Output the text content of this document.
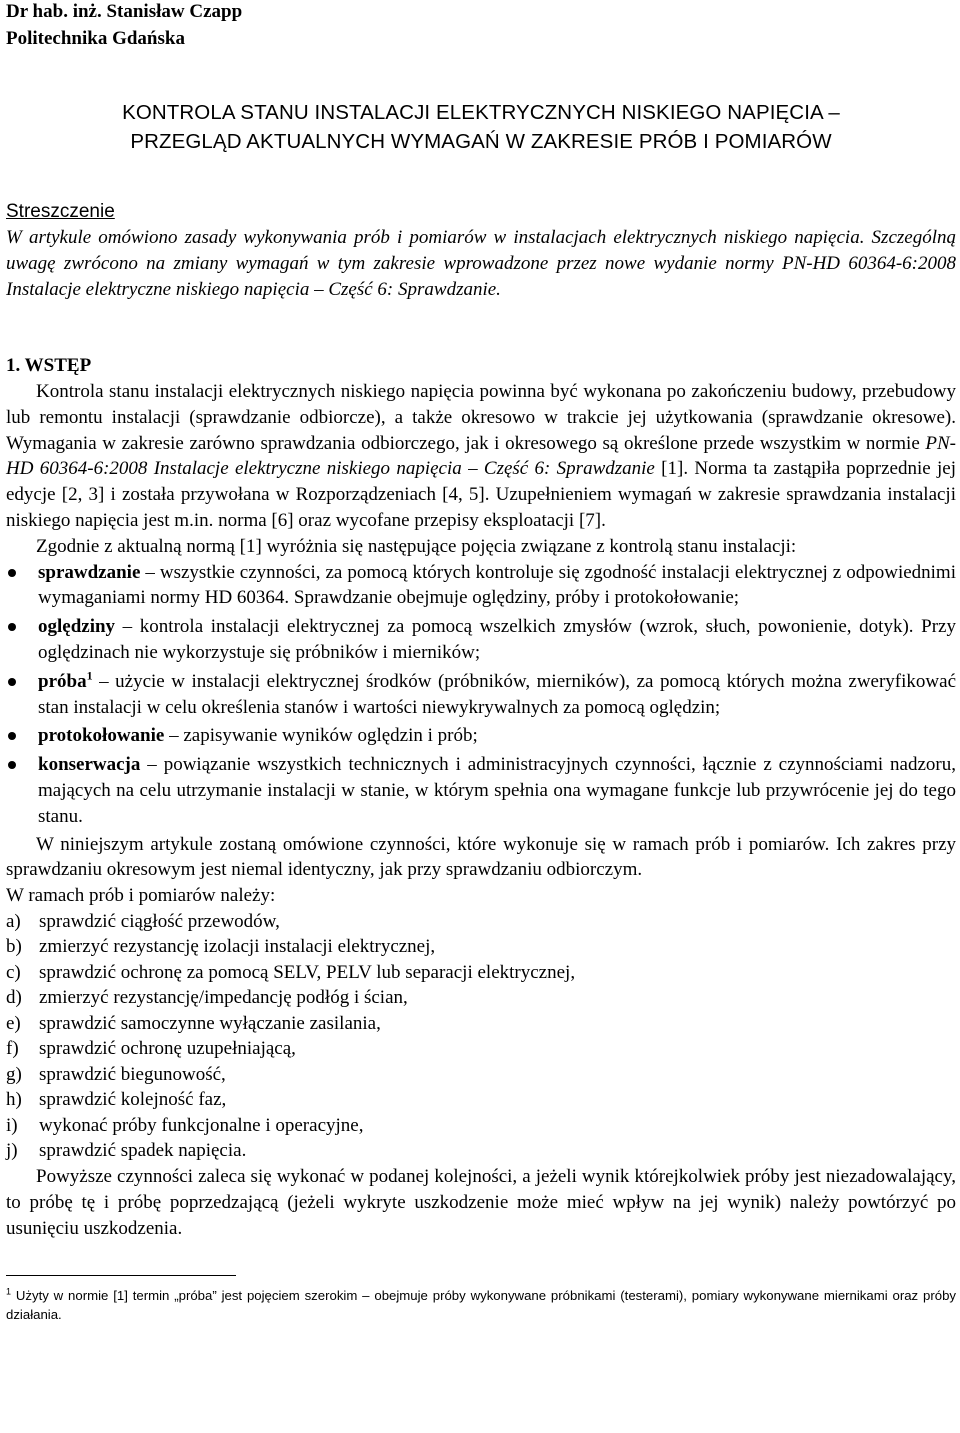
Dr hab. inż. Stanisław Czapp
Politechnika Gdańska
KONTROLA STANU INSTALACJI ELEKTRYCZNYCH NISKIEGO NAPIĘCIA –
PRZEGLĄD AKTUALNYCH WYMAGAŃ W ZAKRESIE PRÓB I POMIARÓW
Streszczenie

W artykule omówiono zasady wykonywania prób i pomiarów w instalacjach elektrycznych niskiego napięcia. Szczególną uwagę zwrócono na zmiany wymagań w tym zakresie wprowadzone przez nowe wydanie normy PN-HD 60364-6:2008 Instalacje elektryczne niskiego napięcia – Część 6: Sprawdzanie.

1. WSTĘP

Kontrola stanu instalacji elektrycznych niskiego napięcia powinna być wykonana po zakończeniu budowy, przebudowy lub remontu instalacji (sprawdzanie odbiorcze), a także okresowo w trakcie jej użytkowania (sprawdzanie okresowe). Wymagania w zakresie zarówno sprawdzania odbiorczego, jak i okresowego są określone przede wszystkim w normie PN-HD 60364-6:2008 Instalacje elektryczne niskiego napięcia – Część 6: Sprawdzanie [1]. Norma ta zastąpiła poprzednie jej edycje [2, 3] i została przywołana w Rozporządzeniach [4, 5]. Uzupełnieniem wymagań w zakresie sprawdzania instalacji niskiego napięcia jest m.in. norma [6] oraz wycofane przepisy eksploatacji [7].

Zgodnie z aktualną normą [1] wyróżnia się następujące pojęcia związane z kontrolą stanu instalacji:

sprawdzanie – wszystkie czynności, za pomocą których kontroluje się zgodność instalacji elektrycznej z odpowiednimi wymaganiami normy HD 60364. Sprawdzanie obejmuje oględziny, próby i protokołowanie;
oględziny – kontrola instalacji elektrycznej za pomocą wszelkich zmysłów (wzrok, słuch, powonienie, dotyk). Przy oględzinach nie wykorzystuje się próbników i mierników;
próba$^1$ – użycie w instalacji elektrycznej środków (próbników, mierników), za pomocą których można zweryfikować stan instalacji w celu określenia stanów i wartości niewykrywalnych za pomocą oględzin;
protokołowanie – zapisywanie wyników oględzin i prób;
konserwacja – powiązanie wszystkich technicznych i administracyjnych czynności, łącznie z czynnościami nadzoru, mających na celu utrzymanie instalacji w stanie, w którym spełnia ona wymagane funkcje lub przywrócenie jej do tego stanu.

W niniejszym artykule zostaną omówione czynności, które wykonuje się w ramach prób i pomiarów. Ich zakres przy sprawdzaniu okresowym jest niemal identyczny, jak przy sprawdzaniu odbiorczym.

W ramach prób i pomiarów należy:

a) sprawdzić ciągłość przewodów,
b) zmierzyć rezystancję izolacji instalacji elektrycznej,
c) sprawdzić ochronę za pomocą SELV, PELV lub separacji elektrycznej,
d) zmierzyć rezystancję/impedancję podłóg i ścian,
e) sprawdzić samoczynne wyłączanie zasilania,
f)	sprawdzić ochronę uzupełniającą,
g) sprawdzić biegunowość,
h) sprawdzić kolejność faz,
i)	wykonać próby funkcjonalne i operacyjne,
j)	sprawdzić spadek napięcia.

Powyższe czynności zaleca się wykonać w podanej kolejności, a jeżeli wynik którejkolwiek próby jest niezadowalający, to próbę tę i próbę poprzedzającą (jeżeli wykryte uszkodzenie może mieć wpływ na jej wynik) należy powtórzyć po usunięciu uszkodzenia.

$^1$ Użyty w normie [1] termin „próba” jest pojęciem szerokim – obejmuje próby wykonywane próbnikami (testerami), pomiary wykonywane miernikami oraz próby działania.
